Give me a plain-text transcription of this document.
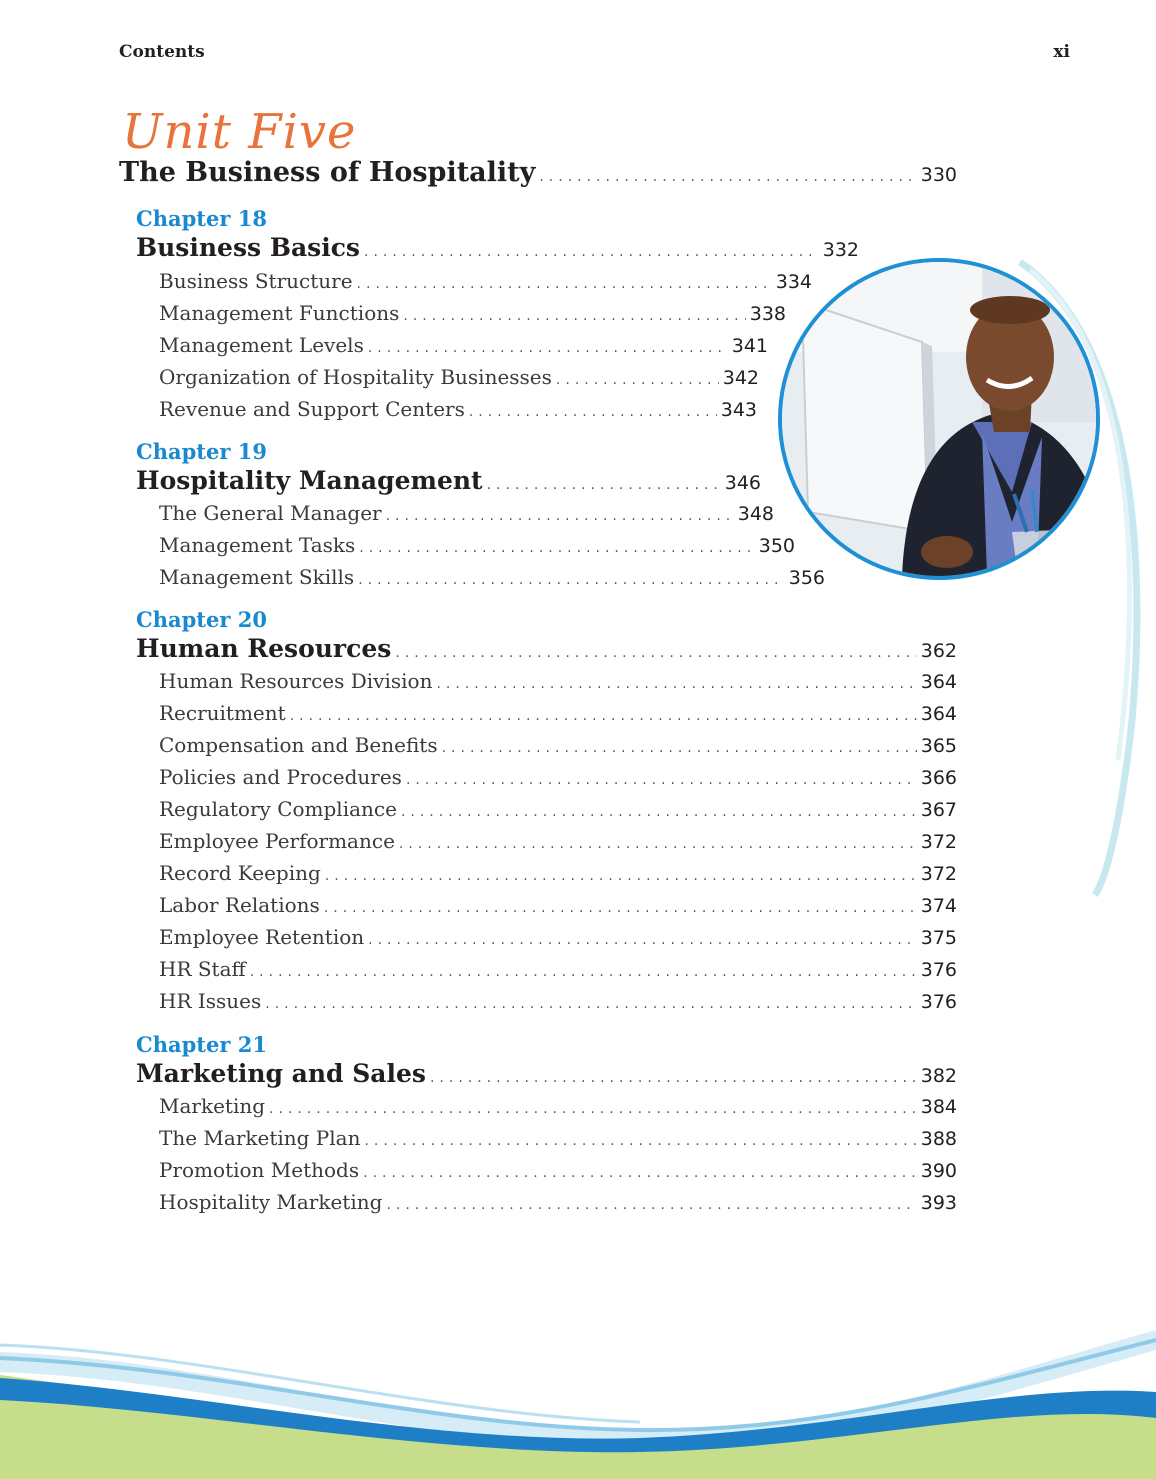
Contents	xi
Unit Five
The Business of Hospitality .....	330
Chapter 18
Business Basics .....	332
Business Structure .....	334
Management Functions .....	338
Management Levels .....	341
Organization of Hospitality Businesses .....	342
Revenue and Support Centers .....	343
Chapter 19
Hospitality Management .....	346
The General Manager .....	348
Management Tasks .....	350
Management Skills .....	356
Chapter 20
Human Resources .....	362
Human Resources Division .....	364
Recruitment .....	364
Compensation and Benefits .....	365
Policies and Procedures .....	366
Regulatory Compliance .....	367
Employee Performance .....	372
Record Keeping .....	372
Labor Relations .....	374
Employee Retention .....	375
HR Staff .....	376
HR Issues .....	376
Chapter 21
Marketing and Sales .....	382
Marketing .....	384
The Marketing Plan .....	388
Promotion Methods .....	390
Hospitality Marketing .....	393
